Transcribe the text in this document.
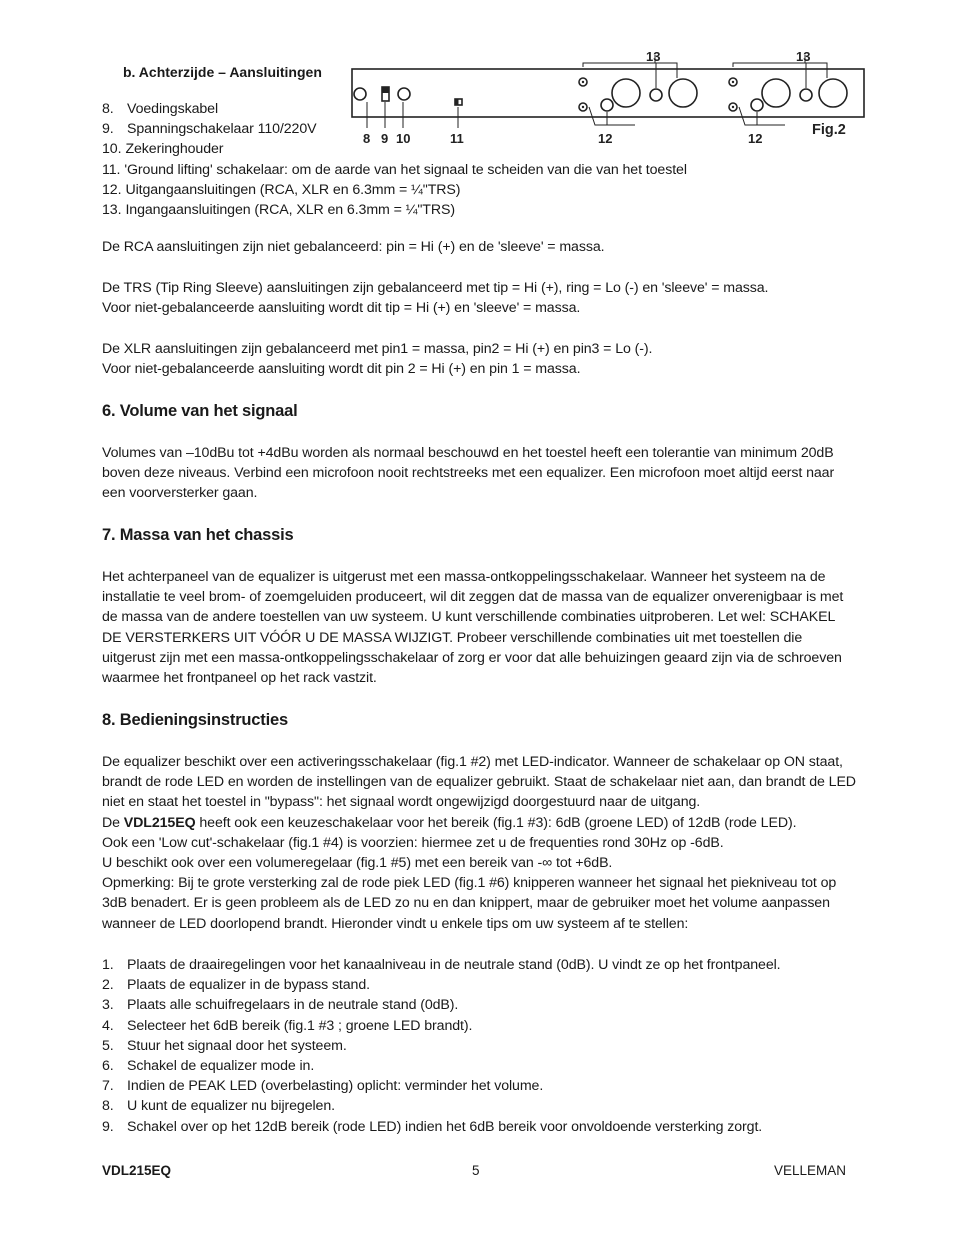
b. Achterzijde – Aansluitingen
8 9 10	11	12	12
13	13
Fig.2
8. Voedingskabel
9. Spanningschakelaar 110/220V
10. Zekeringhouder
11. 'Ground lifting' schakelaar: om de aarde van het signaal te scheiden van die van het toestel
12. Uitgangaansluitingen (RCA, XLR en 6.3mm = ¼"TRS)
13. Ingangaansluitingen (RCA, XLR en 6.3mm = ¼"TRS)

De RCA aansluitingen zijn niet gebalanceerd: pin = Hi (+) en de 'sleeve' = massa.

De TRS (Tip Ring Sleeve) aansluitingen zijn gebalanceerd met tip = Hi (+), ring = Lo (-) en 'sleeve' = massa.

Voor niet-gebalanceerde aansluiting wordt dit tip = Hi (+) en 'sleeve' = massa.

De XLR aansluitingen zijn gebalanceerd met pin1 = massa, pin2 = Hi (+) en pin3 = Lo (-).

Voor niet-gebalanceerde aansluiting wordt dit pin 2 = Hi (+) en pin 1 = massa.

6. Volume van het signaal

Volumes van –10dBu tot +4dBu worden als normaal beschouwd en het toestel heeft een tolerantie van minimum 20dB boven deze niveaus. Verbind een microfoon nooit rechtstreeks met een equalizer. Een microfoon moet altijd eerst naar een voorversterker gaan.

7. Massa van het chassis

Het achterpaneel van de equalizer is uitgerust met een massa-ontkoppelingsschakelaar. Wanneer het systeem na de installatie te veel brom- of zoemgeluiden produceert, wil dit zeggen dat de massa van de equalizer onverenigbaar is met de massa van de andere toestellen van uw systeem. U kunt verschillende combinaties uitproberen. Let wel: SCHAKEL DE VERSTERKERS UIT VÓÓR U DE MASSA WIJZIGT. Probeer verschillende combinaties uit met toestellen die uitgerust zijn met een massa-ontkoppelingsschakelaar of zorg er voor dat alle behuizingen geaard zijn via de schroeven waarmee het frontpaneel op het rack vastzit.

8. Bedieningsinstructies
De equalizer beschikt over een activeringsschakelaar (fig.1 #2) met LED-indicator. Wanneer de schakelaar op ON staat, brandt de rode LED en worden de instellingen van de equalizer gebruikt. Staat de schakelaar niet aan, dan brandt de LED niet en staat het toestel in "bypass": het signaal wordt ongewijzigd doorgestuurd naar de uitgang.
De VDL215EQ heeft ook een keuzeschakelaar voor het bereik (fig.1 #3): 6dB (groene LED) of 12dB (rode LED).
Ook een 'Low cut'-schakelaar (fig.1 #4) is voorzien: hiermee zet u de frequenties rond 30Hz op -6dB.
U beschikt ook over een volumeregelaar (fig.1 #5) met een bereik van -∞ tot +6dB.
Opmerking: Bij te grote versterking zal de rode piek LED (fig.1 #6) knipperen wanneer het signaal het piekniveau tot op 3dB benadert. Er is geen probleem als de LED zo nu en dan knippert, maar de gebruiker moet het volume aanpassen wanneer de LED doorlopend brandt. Hieronder vindt u enkele tips om uw systeem af te stellen:
1. Plaats de draairegelingen voor het kanaalniveau in de neutrale stand (0dB). U vindt ze op het frontpaneel.
2. Plaats de equalizer in de bypass stand.
3. Plaats alle schuifregelaars in de neutrale stand (0dB).
4. Selecteer het 6dB bereik (fig.1 #3 ; groene LED brandt).
5. Stuur het signaal door het systeem.
6. Schakel de equalizer mode in.
7. Indien de PEAK LED (overbelasting) oplicht: verminder het volume.
8. U kunt de equalizer nu bijregelen.
9. Schakel over op het 12dB bereik (rode LED) indien het 6dB bereik voor onvoldoende versterking zorgt.
VDL215EQ	5	VELLEMAN
